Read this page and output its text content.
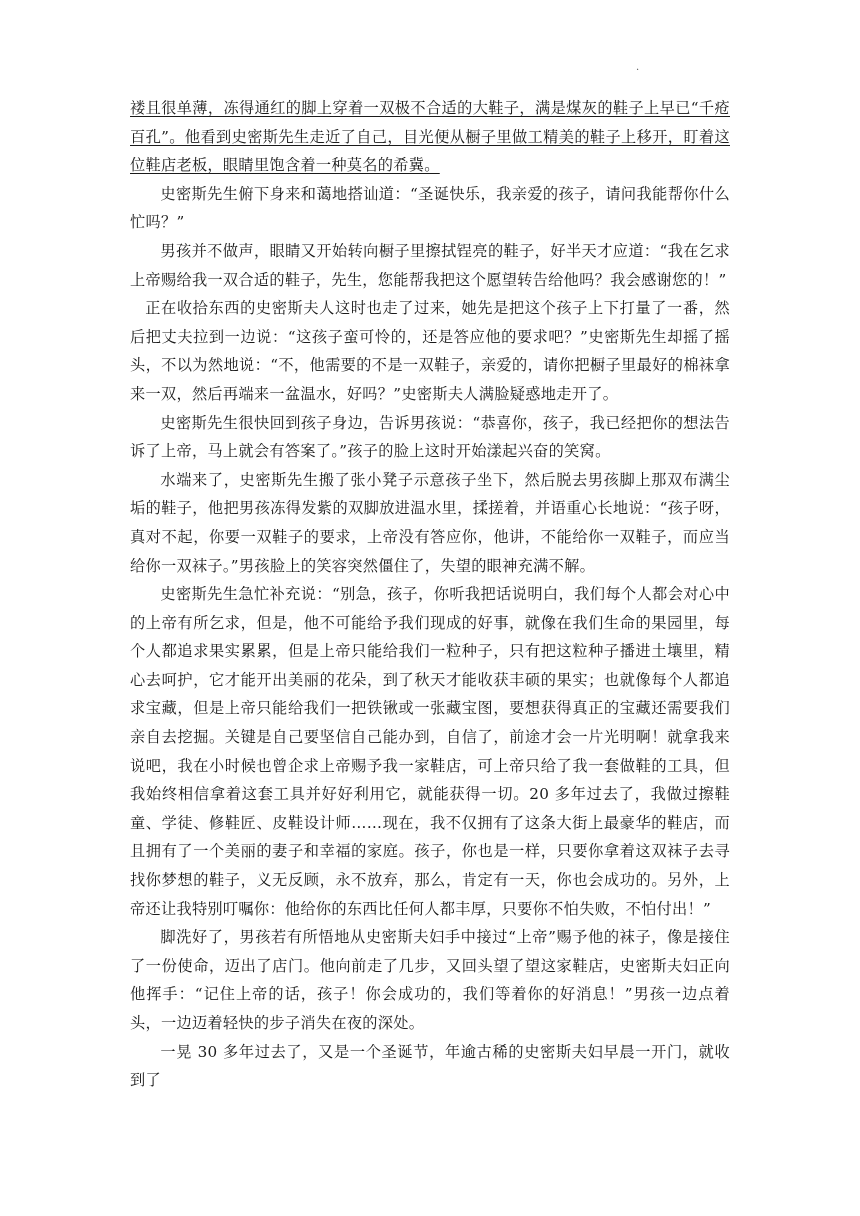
.

褛且很单薄，冻得通红的脚上穿着一双极不合适的大鞋子，满是煤灰的鞋子上早已“千疮百孔”。他看到史密斯先生走近了自己，目光便从橱子里做工精美的鞋子上移开，盯着这位鞋店老板，眼睛里饱含着一种莫名的希冀。

史密斯先生俯下身来和蔼地搭讪道：“圣诞快乐，我亲爱的孩子，请问我能帮你什么忙吗？”

男孩并不做声，眼睛又开始转向橱子里擦拭锃亮的鞋子，好半天才应道：“我在乞求上帝赐给我一双合适的鞋子，先生，您能帮我把这个愿望转告给他吗？我会感谢您的！”

正在收拾东西的史密斯夫人这时也走了过来，她先是把这个孩子上下打量了一番，然后把丈夫拉到一边说：“这孩子蛮可怜的，还是答应他的要求吧？”史密斯先生却摇了摇头，不以为然地说：“不，他需要的不是一双鞋子，亲爱的，请你把橱子里最好的棉袜拿来一双，然后再端来一盆温水，好吗？”史密斯夫人满脸疑惑地走开了。

史密斯先生很快回到孩子身边，告诉男孩说：“恭喜你，孩子，我已经把你的想法告诉了上帝，马上就会有答案了。”孩子的脸上这时开始漾起兴奋的笑窝。

水端来了，史密斯先生搬了张小凳子示意孩子坐下，然后脱去男孩脚上那双布满尘垢的鞋子，他把男孩冻得发紫的双脚放进温水里，揉搓着，并语重心长地说：“孩子呀，真对不起，你要一双鞋子的要求，上帝没有答应你，他讲，不能给你一双鞋子，而应当给你一双袜子。”男孩脸上的笑容突然僵住了，失望的眼神充满不解。

史密斯先生急忙补充说：“别急，孩子，你听我把话说明白，我们每个人都会对心中的上帝有所乞求，但是，他不可能给予我们现成的好事，就像在我们生命的果园里，每个人都追求果实累累，但是上帝只能给我们一粒种子，只有把这粒种子播进土壤里，精心去呵护，它才能开出美丽的花朵，到了秋天才能收获丰硕的果实；也就像每个人都追求宝藏，但是上帝只能给我们一把铁锹或一张藏宝图，要想获得真正的宝藏还需要我们亲自去挖掘。关键是自己要坚信自己能办到，自信了，前途才会一片光明啊！就拿我来说吧，我在小时候也曾企求上帝赐予我一家鞋店，可上帝只给了我一套做鞋的工具，但我始终相信拿着这套工具并好好利用它，就能获得一切。20 多年过去了，我做过擦鞋童、学徒、修鞋匠、皮鞋设计师……现在，我不仅拥有了这条大街上最豪华的鞋店，而且拥有了一个美丽的妻子和幸福的家庭。孩子，你也是一样，只要你拿着这双袜子去寻找你梦想的鞋子，义无反顾，永不放弃，那么，肯定有一天，你也会成功的。另外，上帝还让我特别叮嘱你：他给你的东西比任何人都丰厚，只要你不怕失败，不怕付出！”

脚洗好了，男孩若有所悟地从史密斯夫妇手中接过“上帝”赐予他的袜子，像是接住了一份使命，迈出了店门。他向前走了几步，又回头望了望这家鞋店，史密斯夫妇正向他挥手：“记住上帝的话，孩子！你会成功的，我们等着你的好消息！”男孩一边点着头，一边迈着轻快的步子消失在夜的深处。

一晃 30 多年过去了，又是一个圣诞节，年逾古稀的史密斯夫妇早晨一开门，就收到了
